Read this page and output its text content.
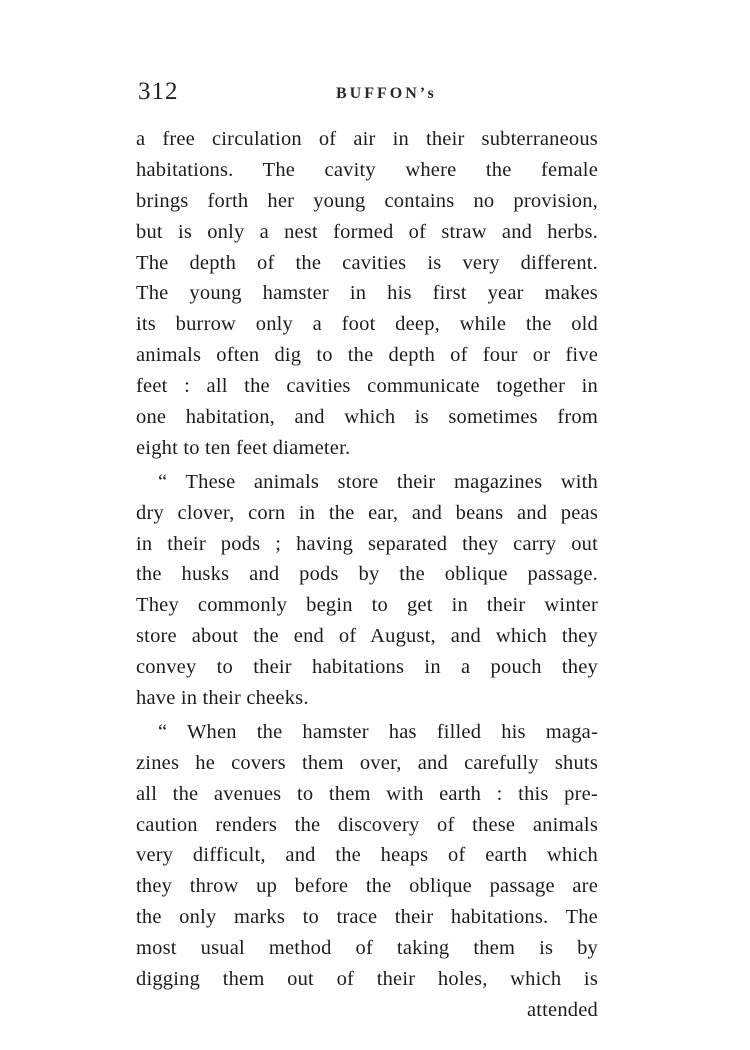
312	BUFFON’s
a free circulation of air in their subterraneous
habitations. The cavity where the female
brings forth her young contains no provision,
but is only a nest formed of straw and herbs.
The depth of the cavities is very different.
The young hamster in his first year makes
its burrow only a foot deep, while the old
animals often dig to the depth of four or five
feet : all the cavities communicate together in
one habitation, and which is sometimes from
eight to ten feet diameter.
“ These animals store their magazines with
dry clover, corn in the ear, and beans and peas
in their pods ; having separated they carry out
the husks and pods by the oblique passage.
They commonly begin to get in their winter
store about the end of August, and which they
convey to their habitations in a pouch they
have in their cheeks.
“ When the hamster has filled his maga-
zines he covers them over, and carefully shuts
all the avenues to them with earth : this pre-
caution renders the discovery of these animals
very difficult, and the heaps of earth which
they throw up before the oblique passage are
the only marks to trace their habitations. The
most usual method of taking them is by
digging them out of their holes, which is
attended
